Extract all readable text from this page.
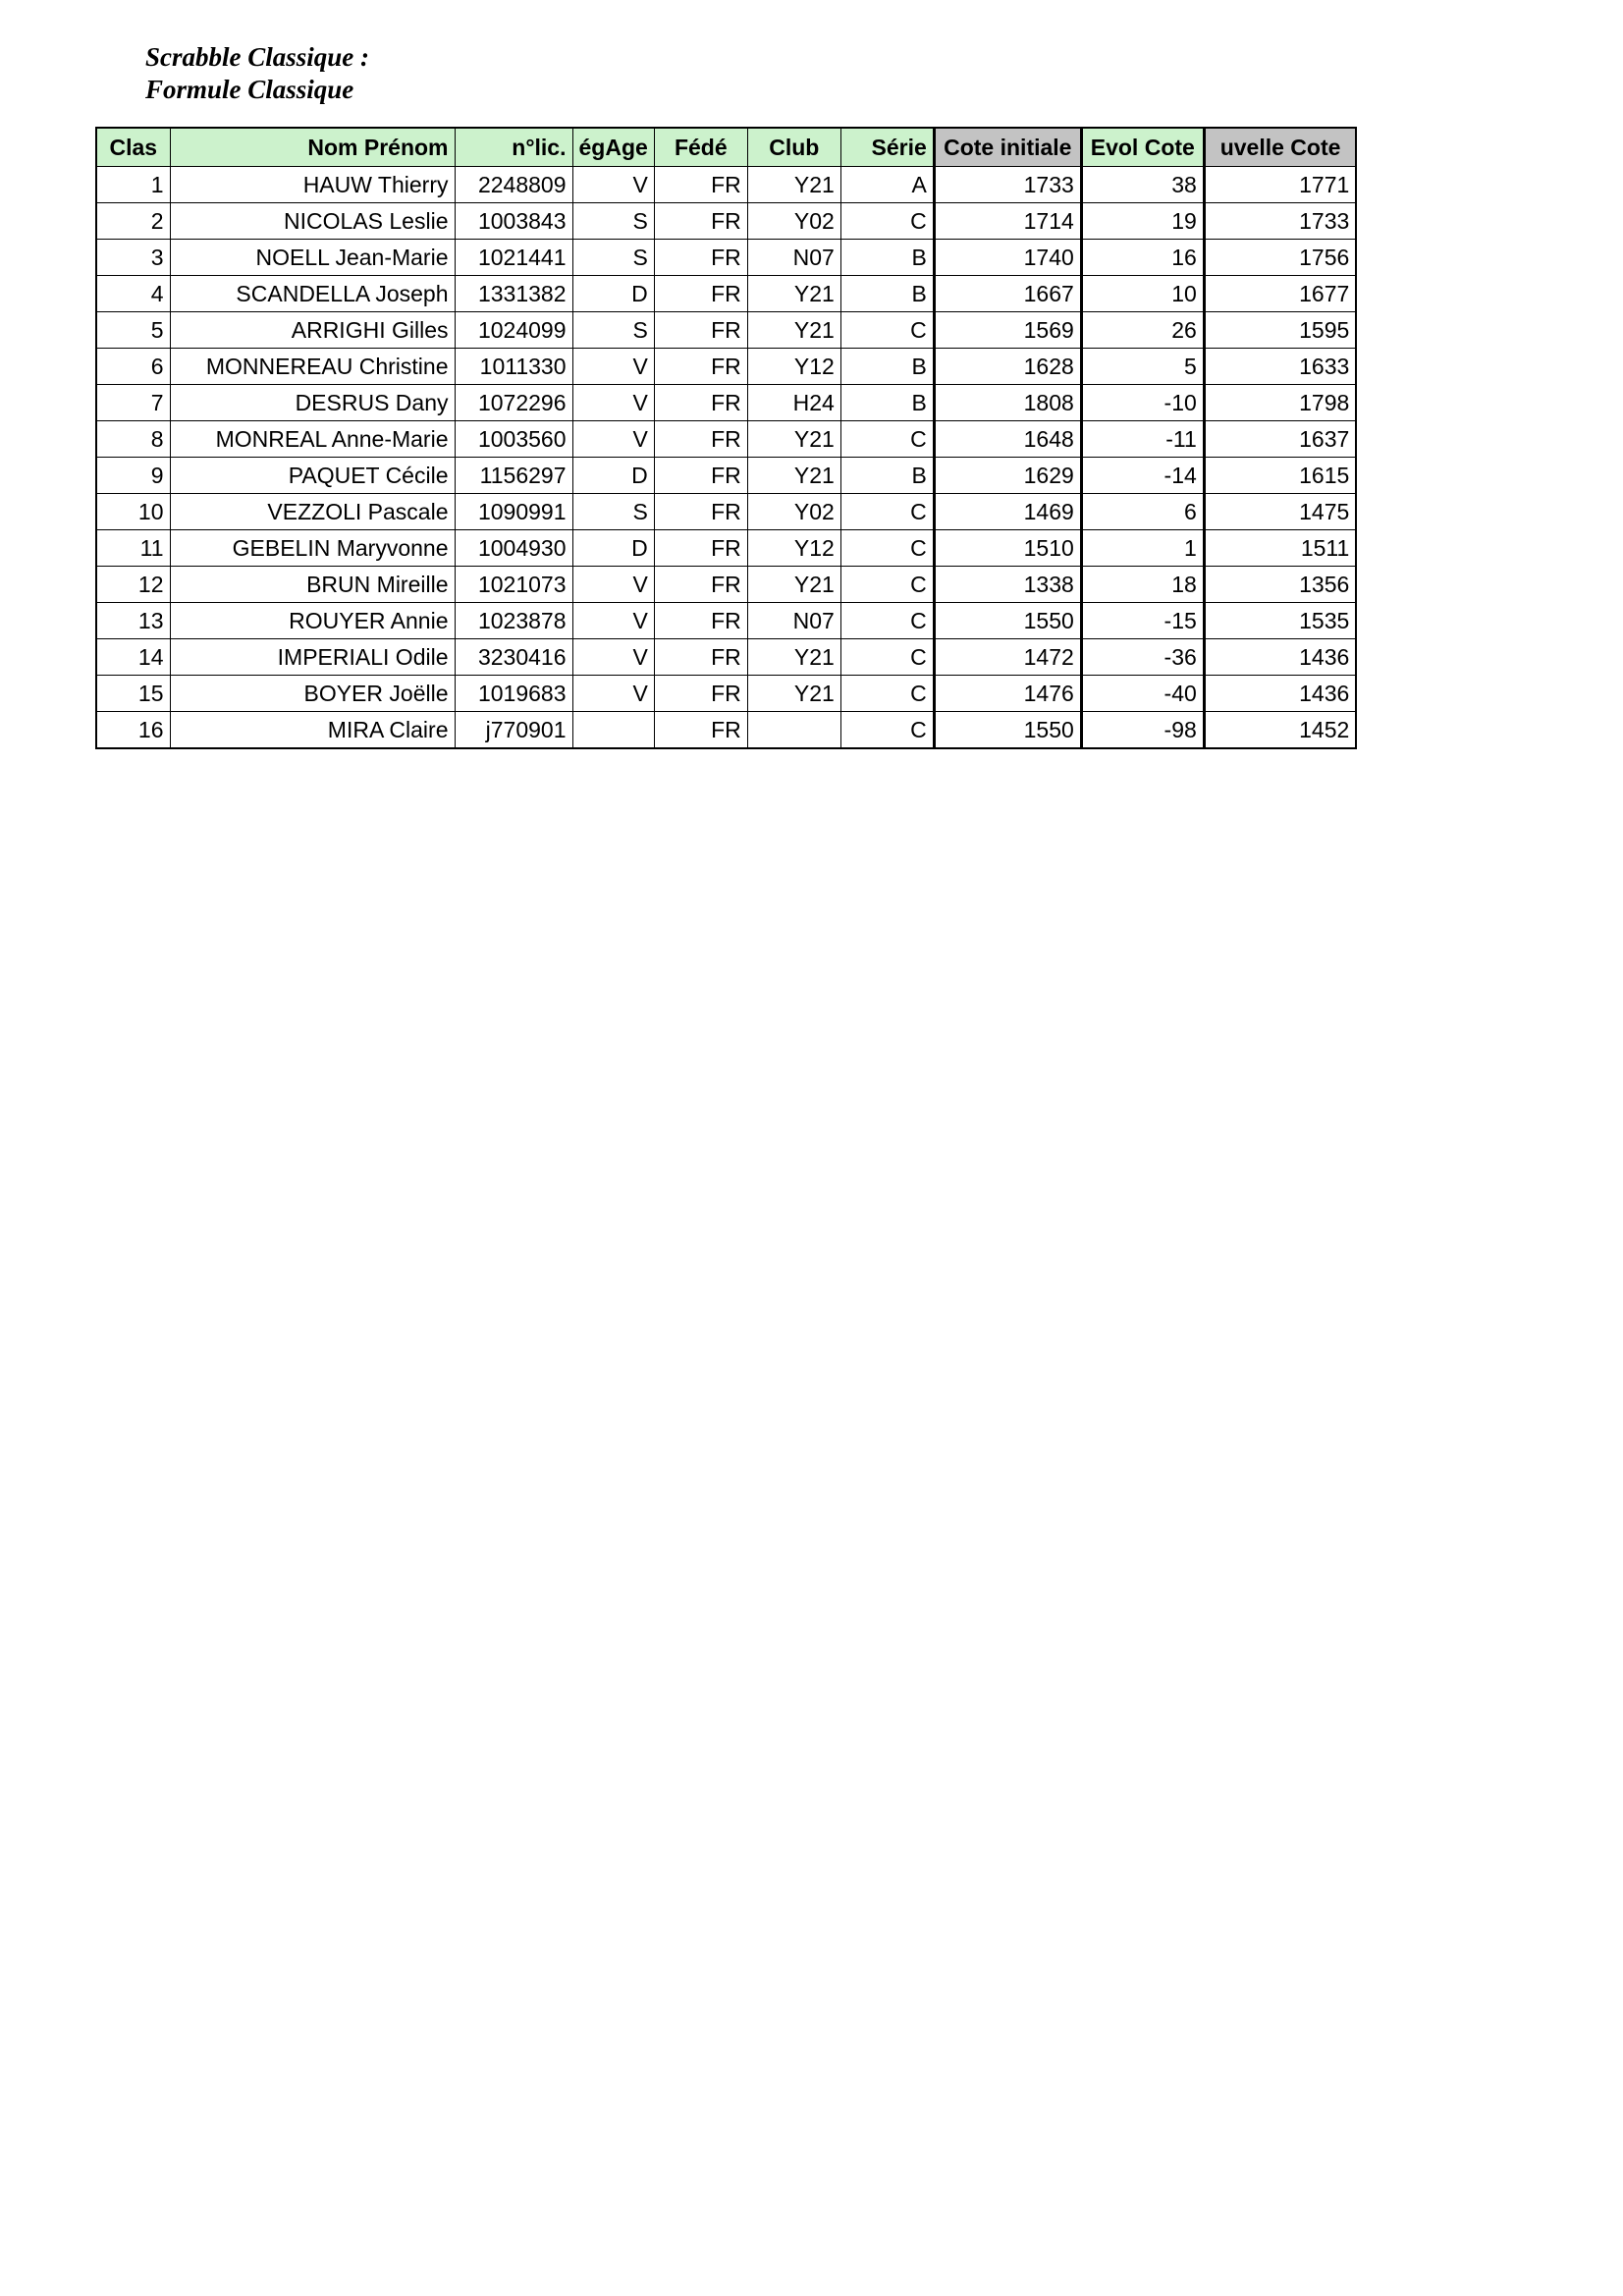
Scrabble Classique :
Formule Classique
Clas	Nom Prénom	n°lic.	égAge	Fédé	Club	Série	Cote initiale	Evol Cote	uvelle Cote
1	HAUW Thierry	2248809	V	FR	Y21	A	1733	38	1771
2	NICOLAS Leslie	1003843	S	FR	Y02	C	1714	19	1733
3	NOELL Jean-Marie	1021441	S	FR	N07	B	1740	16	1756
4	SCANDELLA Joseph	1331382	D	FR	Y21	B	1667	10	1677
5	ARRIGHI Gilles	1024099	S	FR	Y21	C	1569	26	1595
6	MONNEREAU Christine	1011330	V	FR	Y12	B	1628	5	1633
7	DESRUS Dany	1072296	V	FR	H24	B	1808	-10	1798
8	MONREAL Anne-Marie	1003560	V	FR	Y21	C	1648	-11	1637
9	PAQUET Cécile	1156297	D	FR	Y21	B	1629	-14	1615
10	VEZZOLI Pascale	1090991	S	FR	Y02	C	1469	6	1475
11	GEBELIN Maryvonne	1004930	D	FR	Y12	C	1510	1	1511
12	BRUN Mireille	1021073	V	FR	Y21	C	1338	18	1356
13	ROUYER Annie	1023878	V	FR	N07	C	1550	-15	1535
14	IMPERIALI Odile	3230416	V	FR	Y21	C	1472	-36	1436
15	BOYER Joëlle	1019683	V	FR	Y21	C	1476	-40	1436
16	MIRA Claire	j770901		FR		C	1550	-98	1452
